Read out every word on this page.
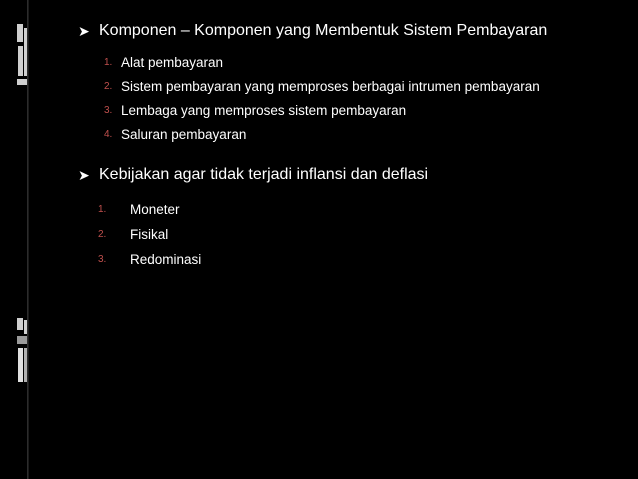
➤ Komponen – Komponen yang Membentuk Sistem Pembayaran
1. Alat pembayaran
2. Sistem pembayaran yang memproses berbagai intrumen pembayaran
3. Lembaga yang memproses sistem pembayaran
4. Saluran pembayaran
➤ Kebijakan agar tidak terjadi inflansi dan deflasi
1.	Moneter
2.	Fisikal
3.	Redominasi
